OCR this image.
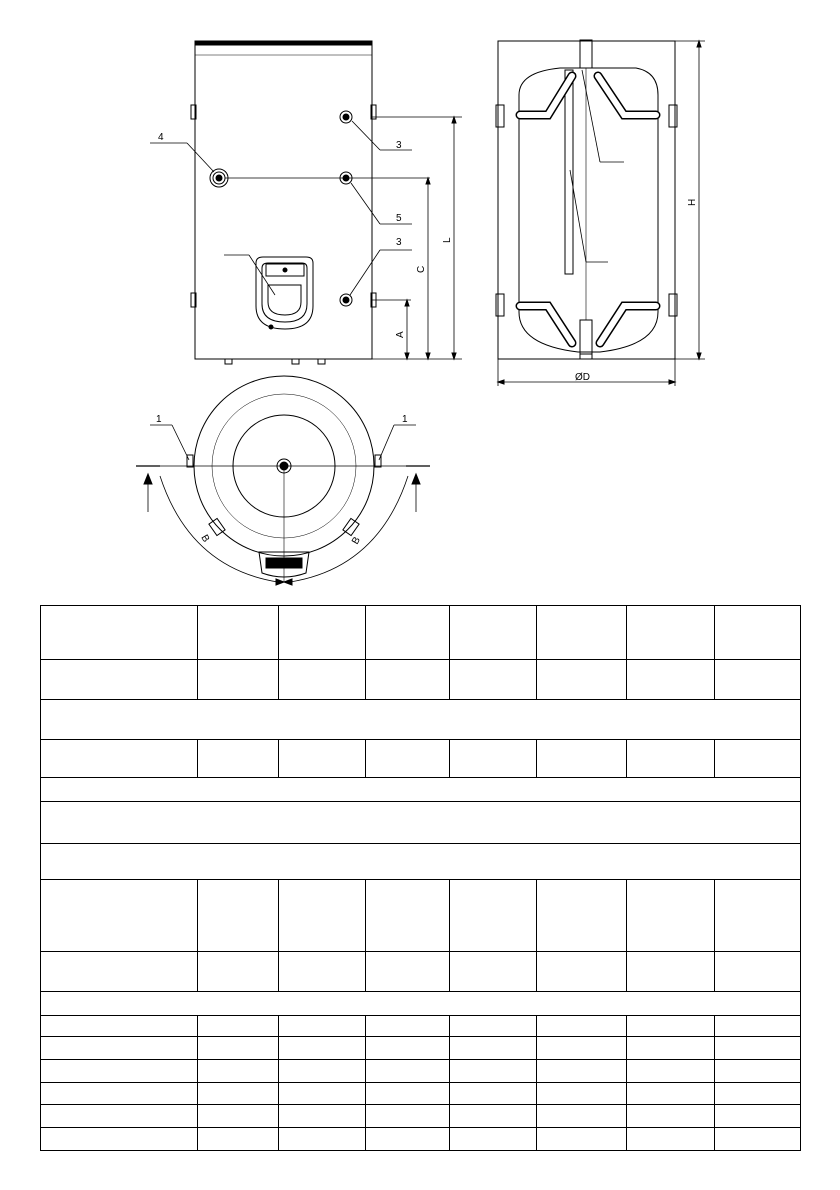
4
3
5
3
A
C
L
H
ØD
1	1
B	B
